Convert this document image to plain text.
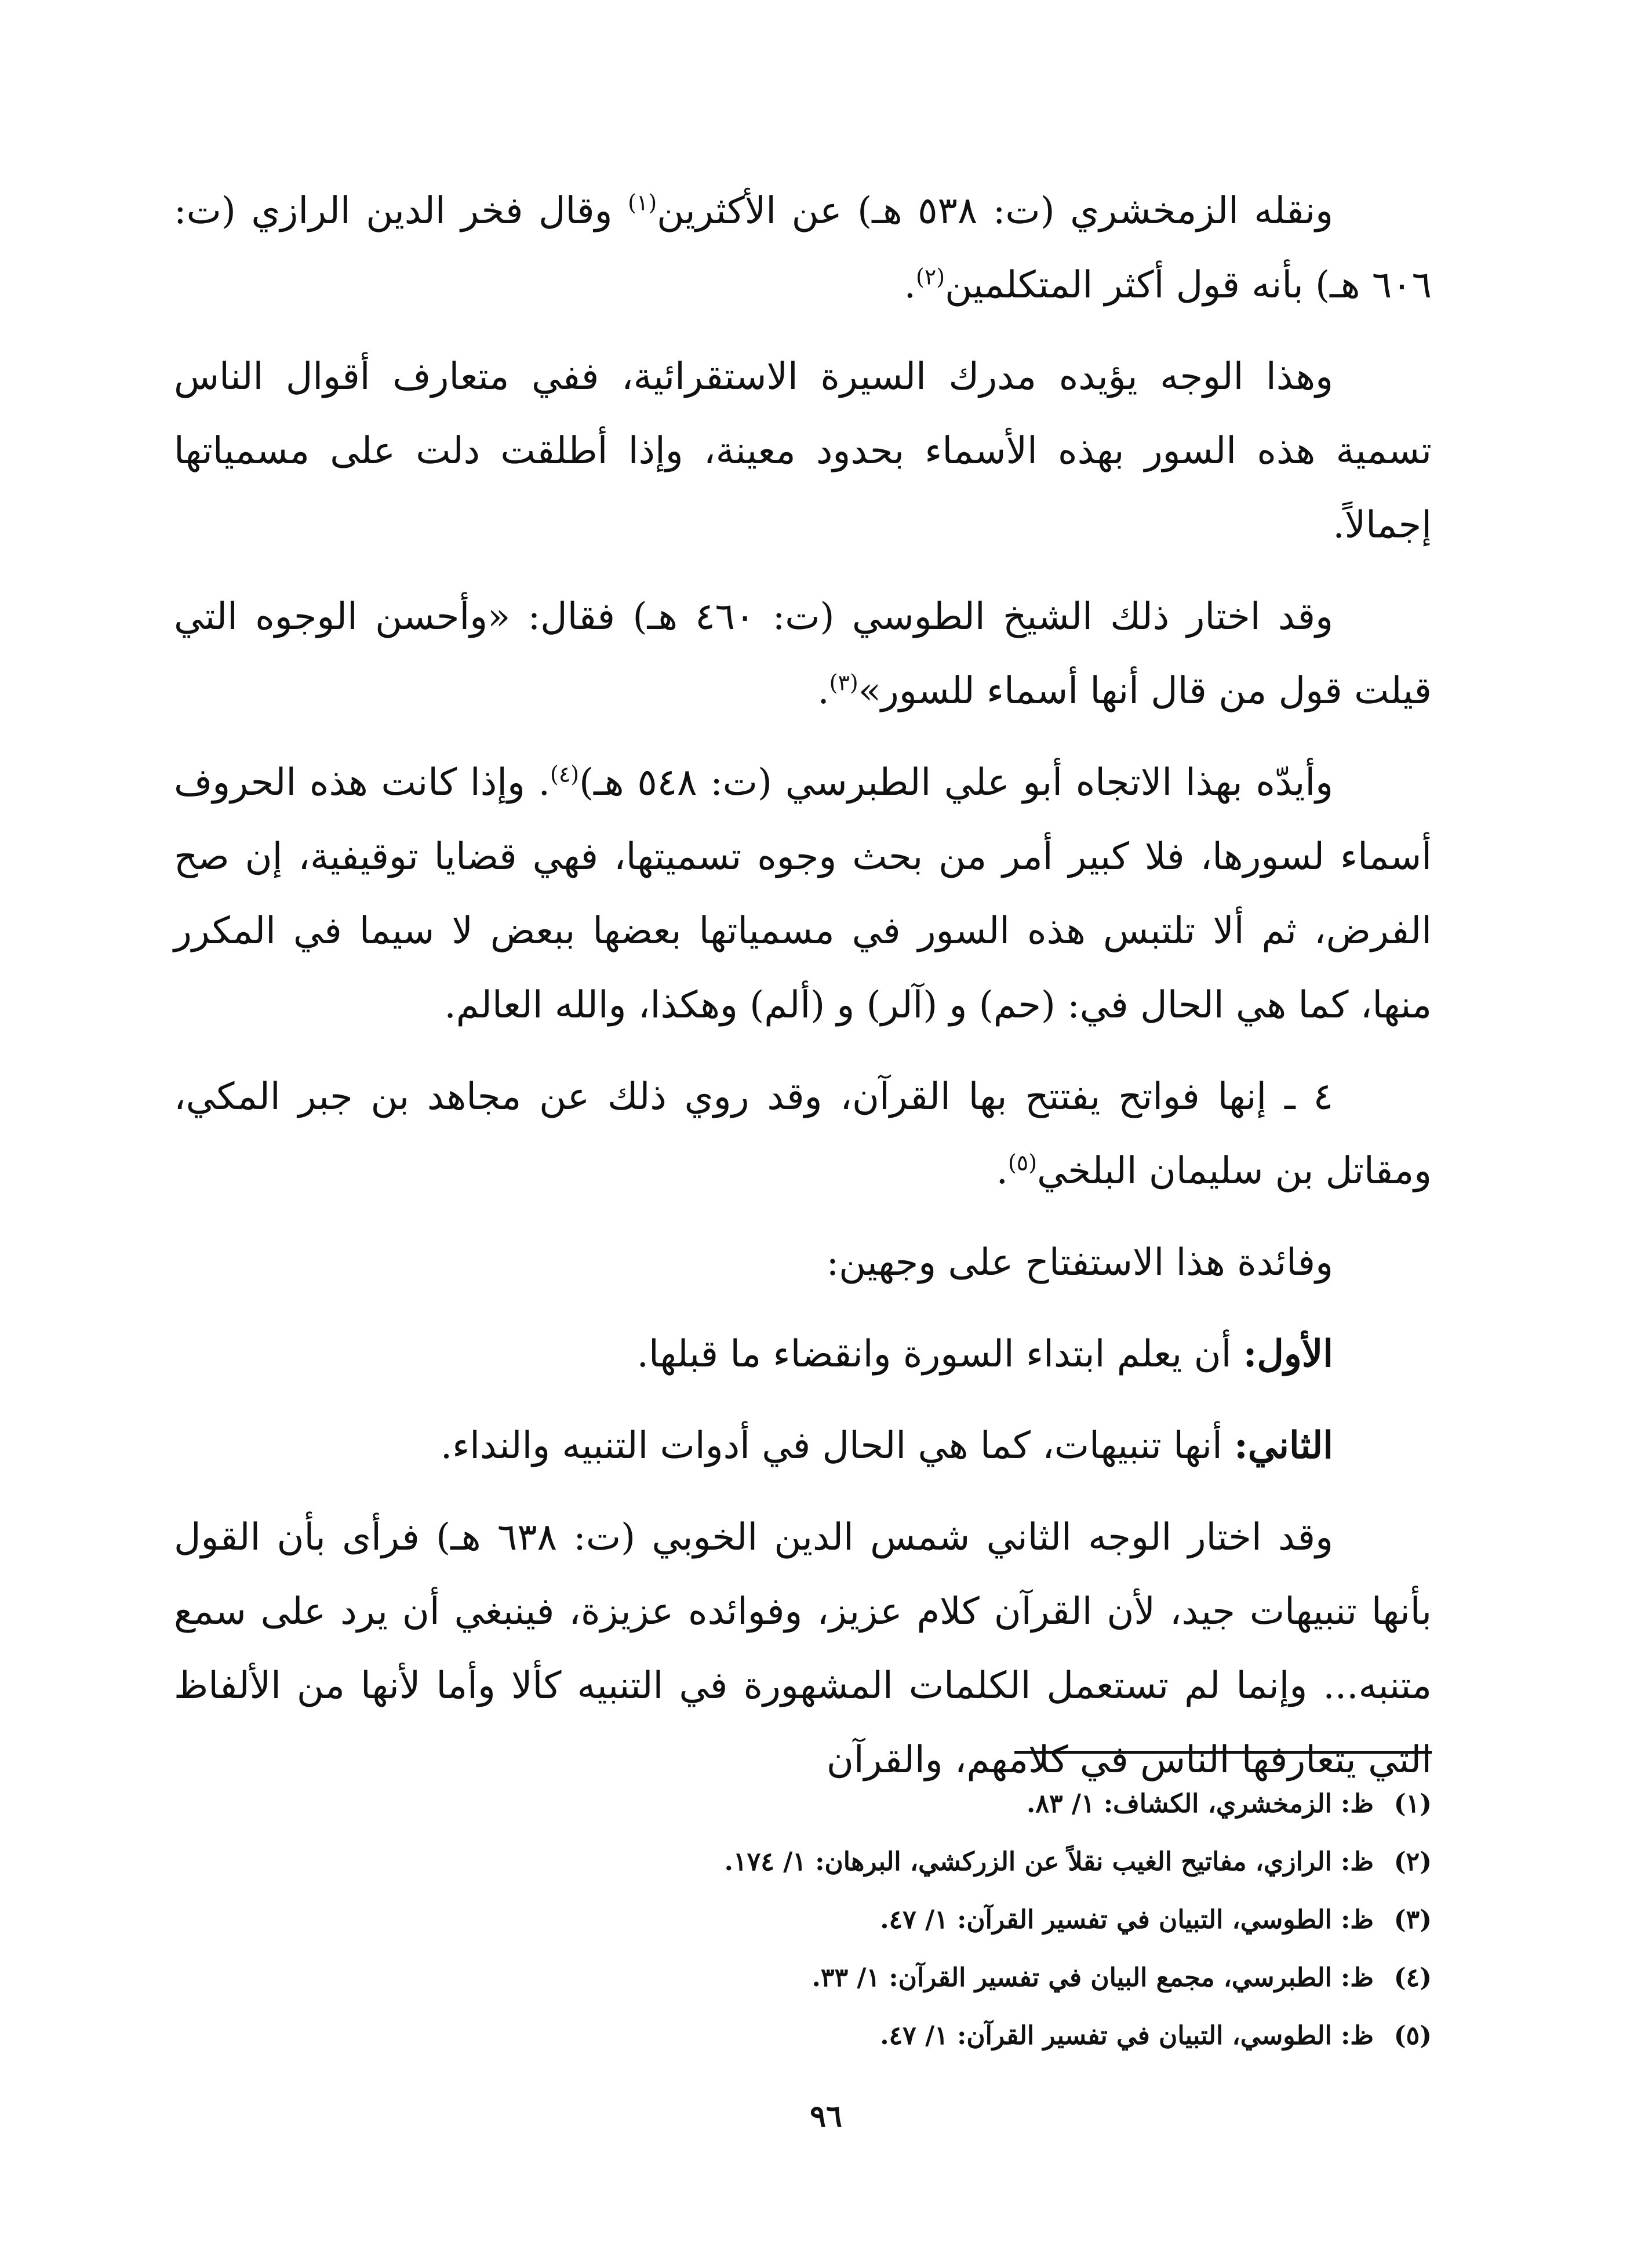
ونقله الزمخشري (ت: ٥٣٨ هـ) عن الأكثرين$^{(١)}$ وقال فخر الدين الرازي (ت: ٦٠٦ هـ) بأنه قول أكثر المتكلمين$^{(٢)}$.

وهذا الوجه يؤيده مدرك السيرة الاستقرائية، ففي متعارف أقوال الناس تسمية هذه السور بهذه الأسماء بحدود معينة، وإذا أطلقت دلت على مسمياتها إجمالاً.

وقد اختار ذلك الشيخ الطوسي (ت: ٤٦٠ هـ) فقال: «وأحسن الوجوه التي قيلت قول من قال أنها أسماء للسور»$^{(٣)}$.

وأيدّه بهذا الاتجاه أبو علي الطبرسي (ت: ٥٤٨ هـ)$^{(٤)}$. وإذا كانت هذه الحروف أسماء لسورها، فلا كبير أمر من بحث وجوه تسميتها، فهي قضايا توقيفية، إن صح الفرض، ثم ألا تلتبس هذه السور في مسمياتها بعضها ببعض لا سيما في المكرر منها، كما هي الحال في: (حم) و (آلر) و (ألم) وهكذا، والله العالم.

٤ ـ إنها فواتح يفتتح بها القرآن، وقد روي ذلك عن مجاهد بن جبر المكي، ومقاتل بن سليمان البلخي$^{(٥)}$.

وفائدة هذا الاستفتاح على وجهين:

الأول: أن يعلم ابتداء السورة وانقضاء ما قبلها.

الثاني: أنها تنبيهات، كما هي الحال في أدوات التنبيه والنداء.

وقد اختار الوجه الثاني شمس الدين الخوبي (ت: ٦٣٨ هـ) فرأى بأن القول بأنها تنبيهات جيد، لأن القرآن كلام عزيز، وفوائده عزيزة، فينبغي أن يرد على سمع متنبه... وإنما لم تستعمل الكلمات المشهورة في التنبيه كألا وأما لأنها من الألفاظ التي يتعارفها الناس في كلامهم، والقرآن

(١)ظ: الزمخشري، الكشاف: ١/ ٨٣.
(٢)ظ: الرازي، مفاتيح الغيب نقلاً عن الزركشي، البرهان: ١/ ١٧٤.
(٣)ظ: الطوسي، التبيان في تفسير القرآن: ١/ ٤٧.
(٤)ظ: الطبرسي، مجمع البيان في تفسير القرآن: ١/ ٣٣.
(٥)ظ: الطوسي، التبيان في تفسير القرآن: ١/ ٤٧.
٩٦
